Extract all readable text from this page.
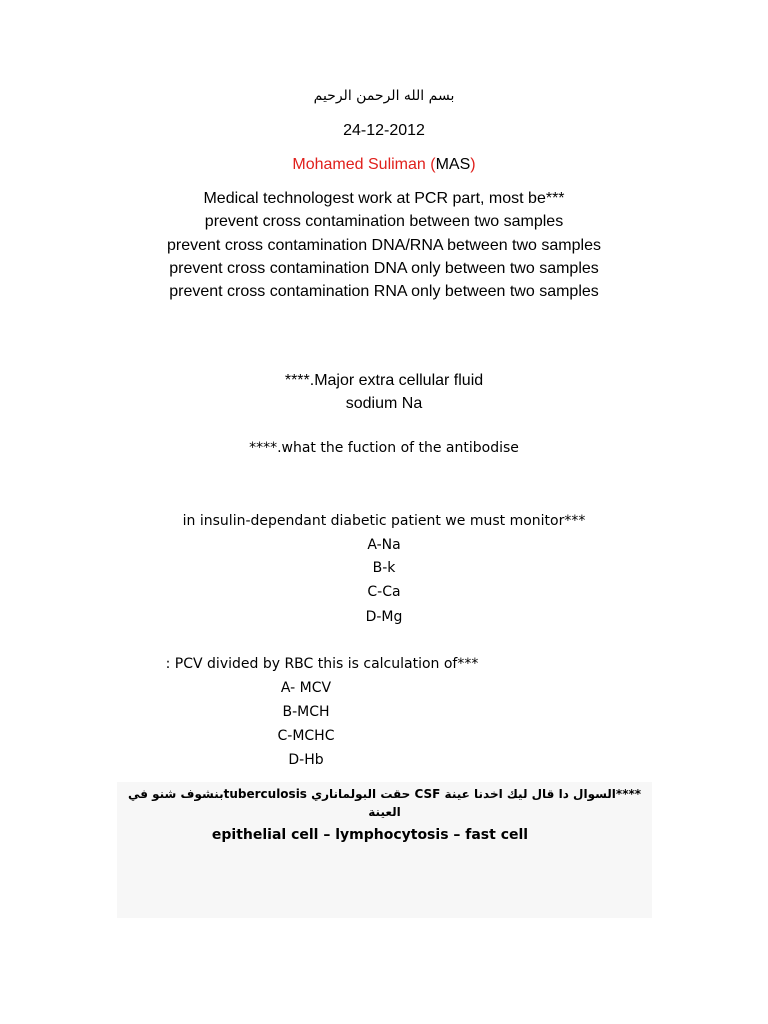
بسم الله الرحمن الرحيم
24-12-2012
Mohamed Suliman (MAS)
Medical technologest work at PCR part, most be***
prevent cross contamination between two samples
prevent cross contamination DNA/RNA between two samples
prevent cross contamination DNA only between two samples
prevent cross contamination RNA only between two samples
****.Major extra cellular fluid
sodium Na
****.what the fuction of the antibodise
in insulin-dependant diabetic patient we must monitor***
A-Na
B-k
C-Ca
D-Mg
: PCV divided by RBC this is calculation of***
A- MCV
B-MCH
C-MCHC
D-Hb
****السوال دا قال ليك اخدنا عينة CSF حقت البولماناري tuberculosisبنشوف شنو في
العينة
epithelial cell – lymphocytosis – fast cell
